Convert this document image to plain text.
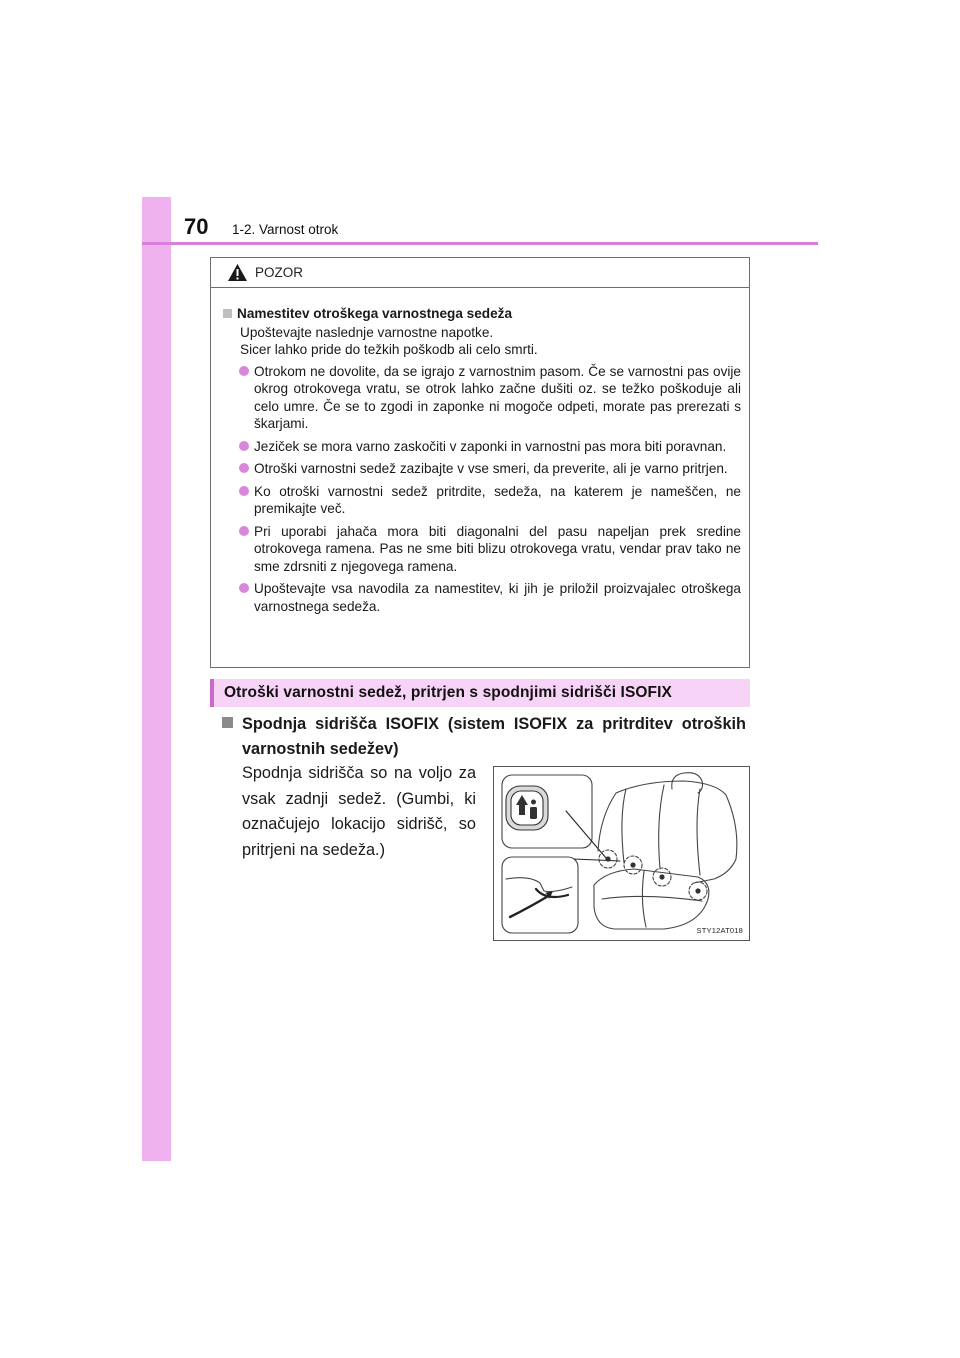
70 1-2. Varnost otrok
POZOR
Namestitev otroškega varnostnega sedeža
Upoštevajte naslednje varnostne napotke.
Sicer lahko pride do težkih poškodb ali celo smrti.
Otrokom ne dovolite, da se igrajo z varnostnim pasom. Če se varnostni pas ovije okrog otrokovega vratu, se otrok lahko začne dušiti oz. se težko poškoduje ali celo umre. Če se to zgodi in zaponke ni mogoče odpeti, morate pas prerezati s škarjami.
Jeziček se mora varno zaskočiti v zaponki in varnostni pas mora biti poravnan.
Otroški varnostni sedež zazibajte v vse smeri, da preverite, ali je varno pritrjen.
Ko otroški varnostni sedež pritrdite, sedeža, na katerem je nameščen, ne premikajte več.
Pri uporabi jahača mora biti diagonalni del pasu napeljan prek sredine otrokovega ramena. Pas ne sme biti blizu otrokovega vratu, vendar prav tako ne sme zdrsniti z njegovega ramena.
Upoštevajte vsa navodila za namestitev, ki jih je priložil proizvajalec otroškega varnostnega sedeža.
Otroški varnostni sedež, pritrjen s spodnjimi sidrišči ISOFIX
Spodnja sidrišča ISOFIX (sistem ISOFIX za pritrditev otroških varnostnih sedežev)
Spodnja sidrišča so na voljo za vsak zadnji sedež. (Gumbi, ki označujejo lokacijo sidrišč, so pritrjeni na sedeža.)
STY12AT018
